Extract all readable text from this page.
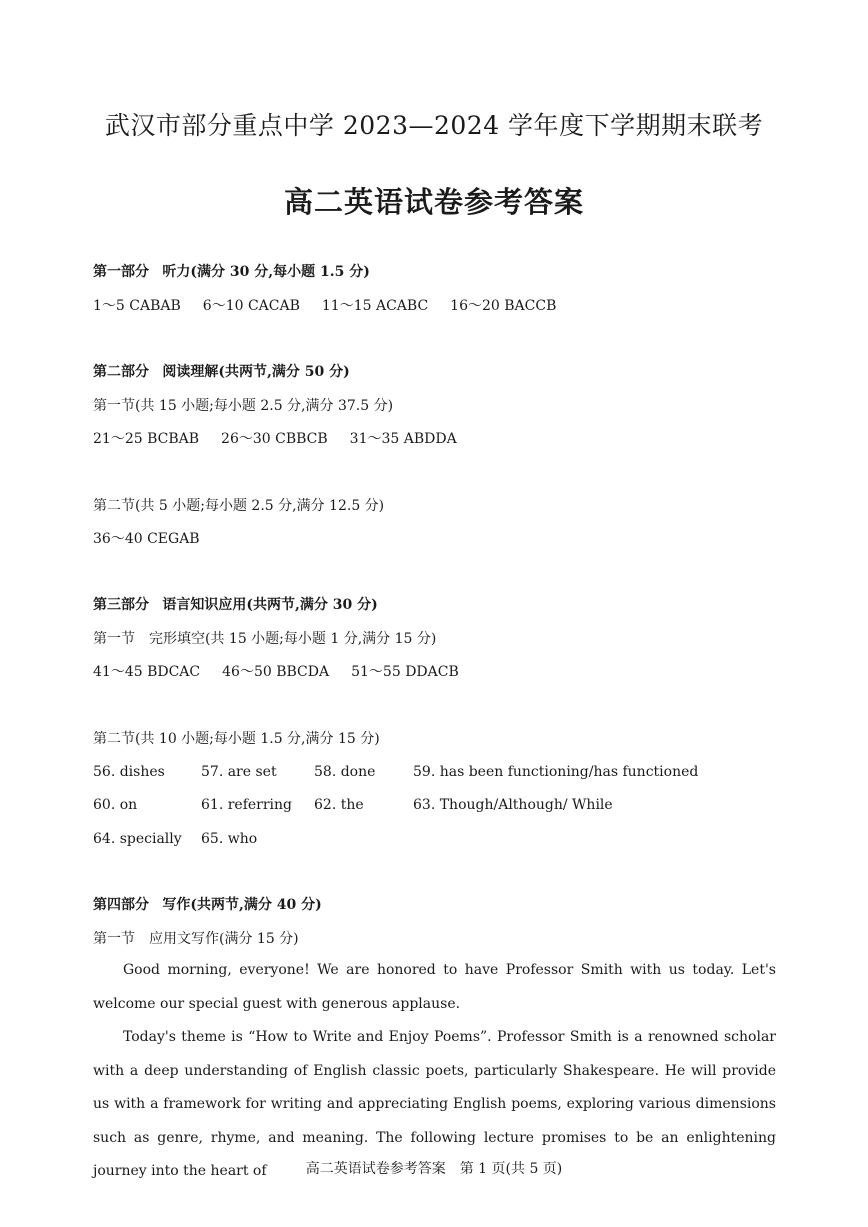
武汉市部分重点中学 2023—2024 学年度下学期期末联考
高二英语试卷参考答案
第一部分 听力(满分 30 分,每小题 1.5 分)
1～5 CABAB 6～10 CACAB 11～15 ACABC 16～20 BACCB
第二部分 阅读理解(共两节,满分 50 分)
第一节(共 15 小题;每小题 2.5 分,满分 37.5 分)
21～25 BCBAB 26～30 CBBCB 31～35 ABDDA
第二节(共 5 小题;每小题 2.5 分,满分 12.5 分)
36～40 CEGAB
第三部分 语言知识应用(共两节,满分 30 分)
第一节　完形填空(共 15 小题;每小题 1 分,满分 15 分)
41～45 BDCAC 46～50 BBCDA 51～55 DDACB
第二节(共 10 小题;每小题 1.5 分,满分 15 分)
56. dishes	57. are set	58. done	59. has been functioning/has functioned
60. on	61. referring 62. the	63. Though/Although/ While
64. specially 65. who
第四部分 写作(共两节,满分 40 分)
第一节　应用文写作(满分 15 分)
Good morning, everyone! We are honored to have Professor Smith with us today. Let's welcome our special guest with generous applause.
Today's theme is “How to Write and Enjoy Poems”. Professor Smith is a renowned scholar with a deep understanding of English classic poets, particularly Shakespeare. He will provide us with a framework for writing and appreciating English poems, exploring various dimensions such as genre, rhyme, and meaning. The following lecture promises to be an enlightening journey into the heart of	高二英语试卷参考答案　第 1 页(共 5 页)
